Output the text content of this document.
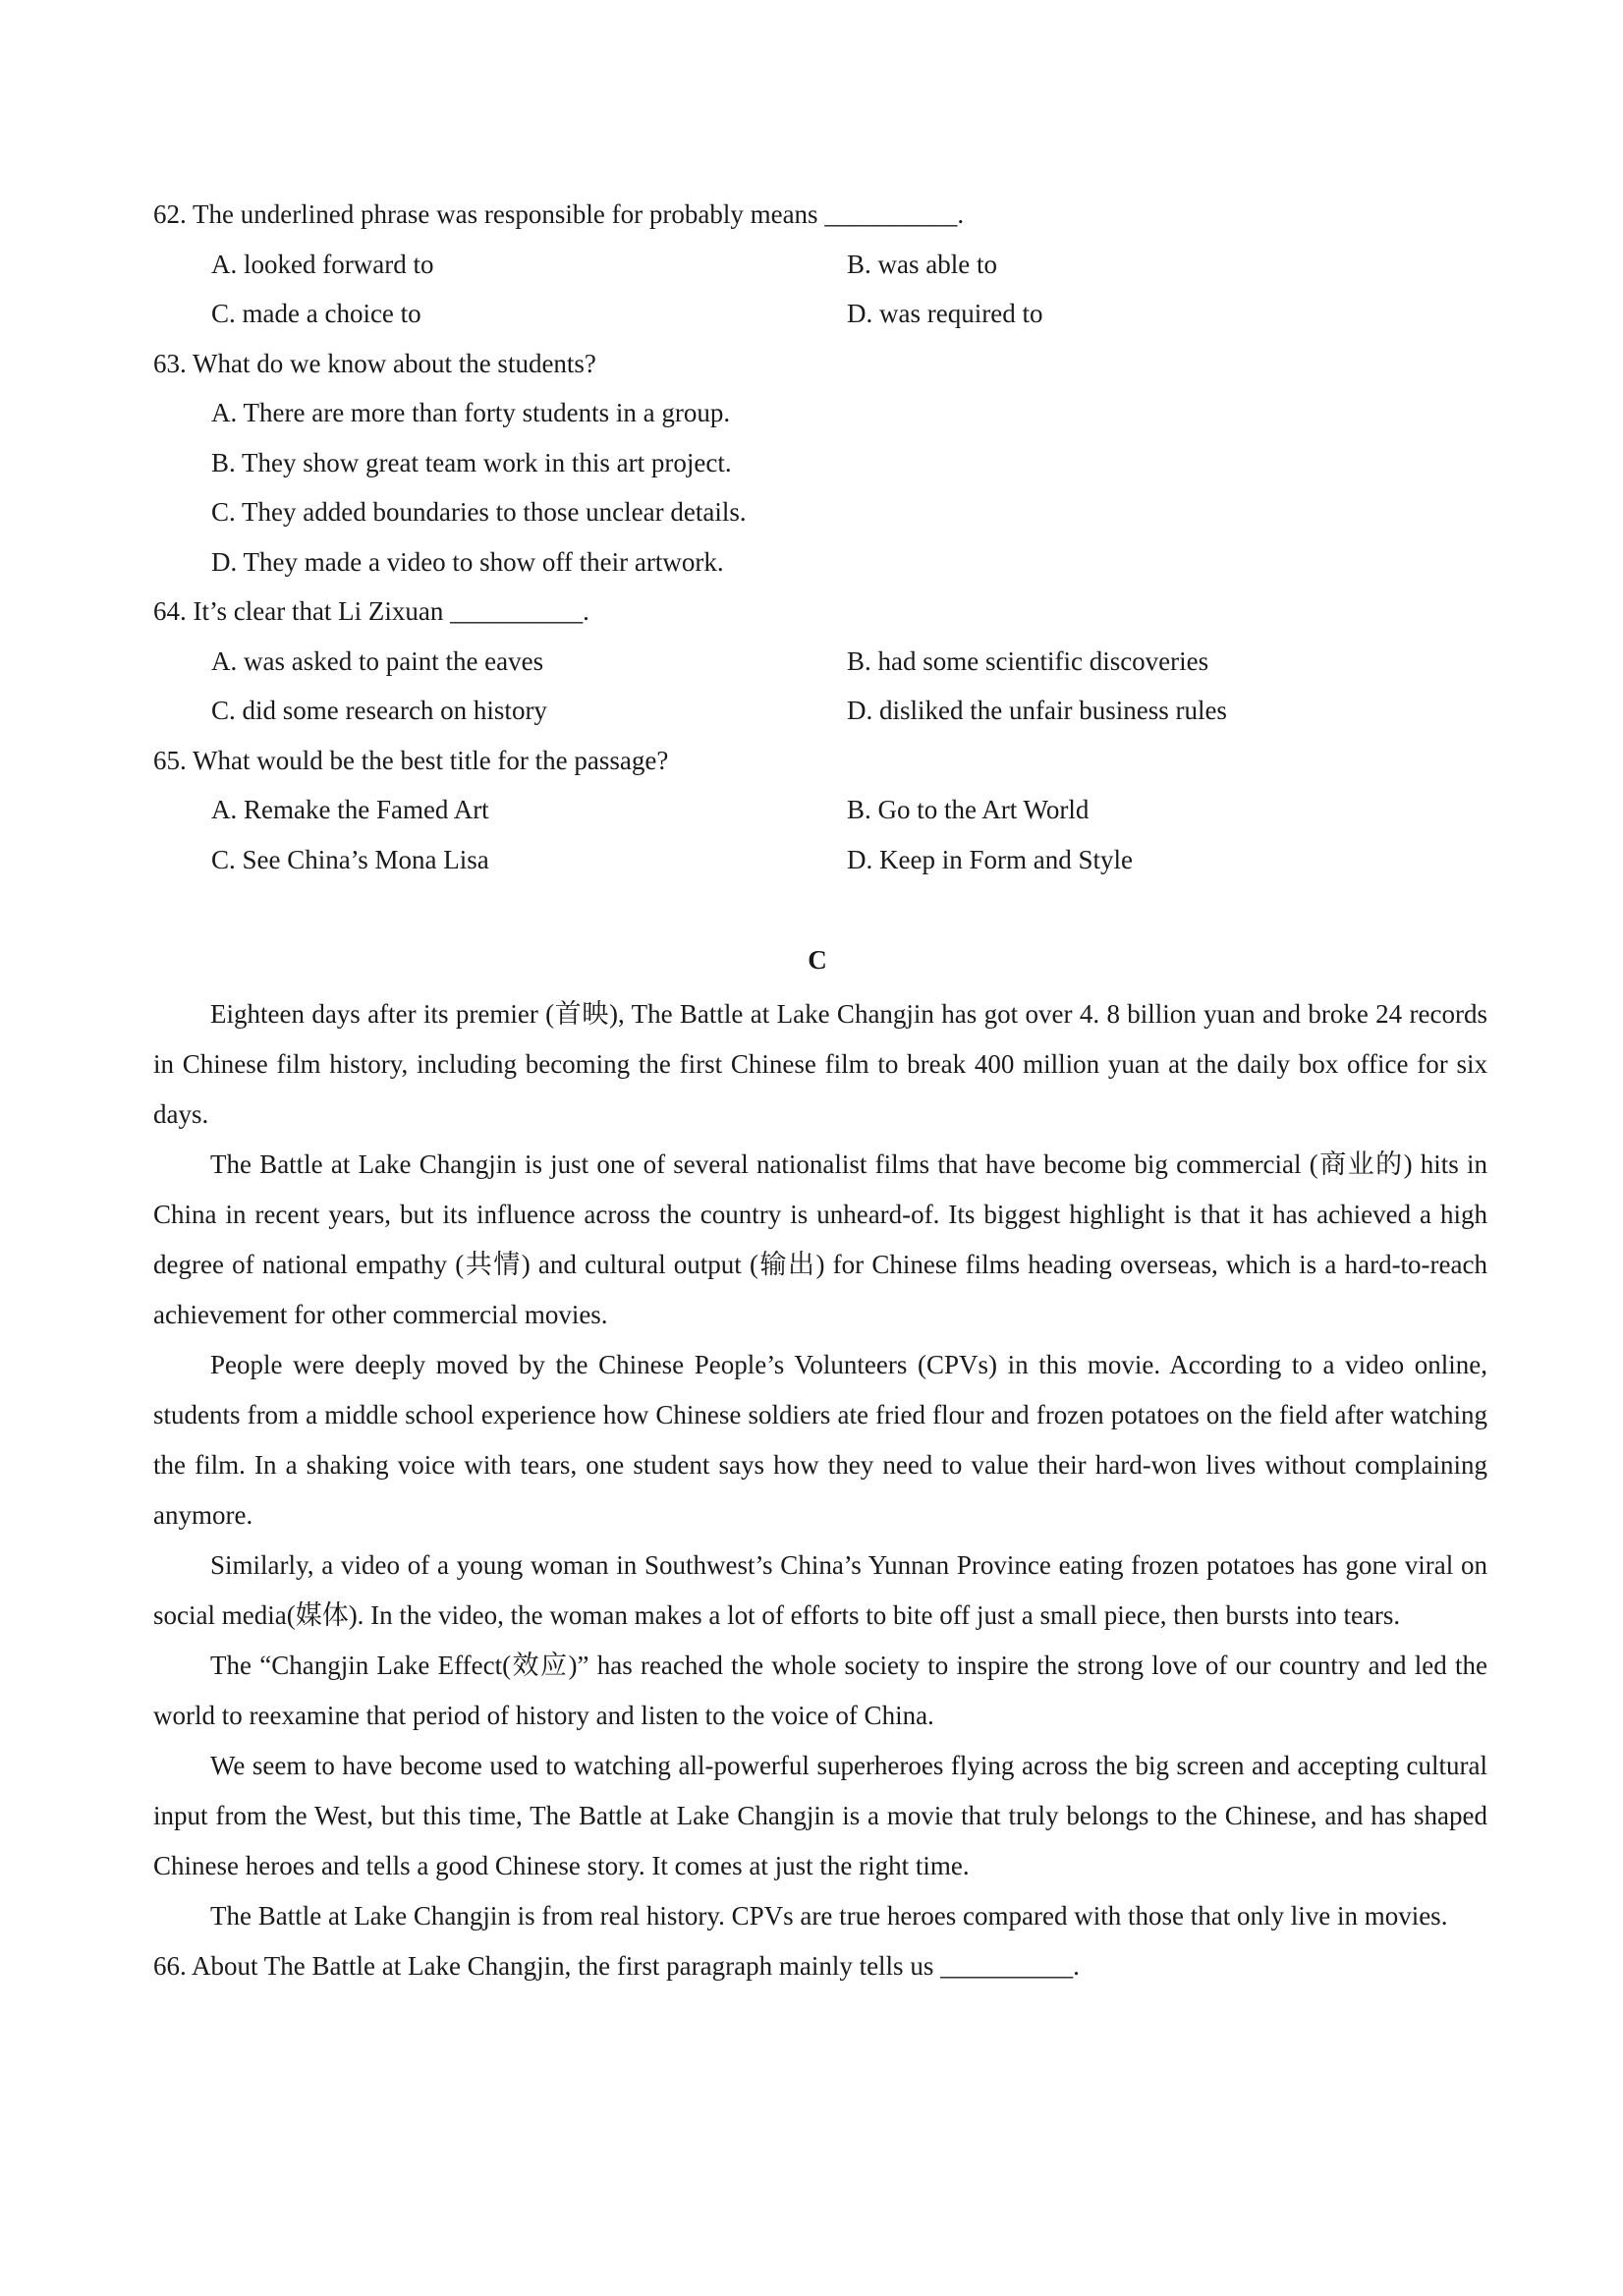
62. The underlined phrase was responsible for probably means __________.
A. looked forward to	B. was able to
C. made a choice to	D. was required to
63. What do we know about the students?
A. There are more than forty students in a group.
B. They show great team work in this art project.
C. They added boundaries to those unclear details.
D. They made a video to show off their artwork.
64. It’s clear that Li Zixuan __________.
A. was asked to paint the eaves	B. had some scientific discoveries
C. did some research on history	D. disliked the unfair business rules
65. What would be the best title for the passage?
A. Remake the Famed Art	B. Go to the Art World
C. See China’s Mona Lisa	D. Keep in Form and Style
C

Eighteen days after its premier (首映), The Battle at Lake Changjin has got over 4. 8 billion yuan and broke 24 records in Chinese film history, including becoming the first Chinese film to break 400 million yuan at the daily box office for six days.

The Battle at Lake Changjin is just one of several nationalist films that have become big commercial (商业的) hits in China in recent years, but its influence across the country is unheard-of. Its biggest highlight is that it has achieved a high degree of national empathy (共情) and cultural output (输出) for Chinese films heading overseas, which is a hard-to-reach achievement for other commercial movies.

People were deeply moved by the Chinese People’s Volunteers (CPVs) in this movie. According to a video online, students from a middle school experience how Chinese soldiers ate fried flour and frozen potatoes on the field after watching the film. In a shaking voice with tears, one student says how they need to value their hard-won lives without complaining anymore.

Similarly, a video of a young woman in Southwest’s China’s Yunnan Province eating frozen potatoes has gone viral on social media(媒体). In the video, the woman makes a lot of efforts to bite off just a small piece, then bursts into tears.

The “Changjin Lake Effect(效应)” has reached the whole society to inspire the strong love of our country and led the world to reexamine that period of history and listen to the voice of China.

We seem to have become used to watching all-powerful superheroes flying across the big screen and accepting cultural input from the West, but this time, The Battle at Lake Changjin is a movie that truly belongs to the Chinese, and has shaped Chinese heroes and tells a good Chinese story. It comes at just the right time.

The Battle at Lake Changjin is from real history. CPVs are true heroes compared with those that only live in movies.

66. About The Battle at Lake Changjin, the first paragraph mainly tells us __________.
